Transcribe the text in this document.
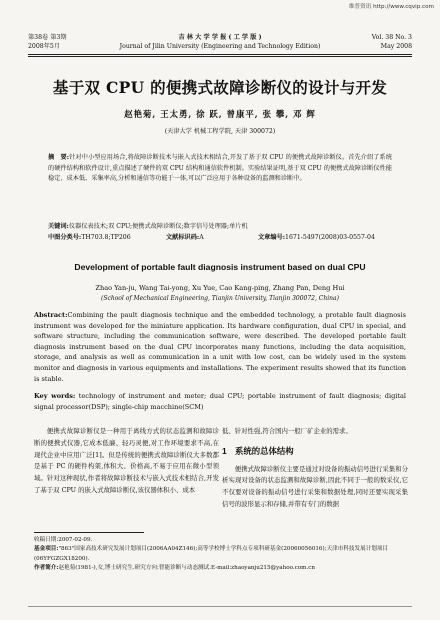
维普资讯 http://www.cqvip.com
第38卷 第3期	吉 林 大 学 学 报 ( 工 学 版 )	Vol. 38 No. 3
2008年5月	Journal of Jilin University (Engineering and Technology Edition)	May 2008
基于双 CPU 的便携式故障诊断仪的设计与开发
赵艳菊, 王太勇, 徐 跃, 曾康平, 张 攀, 邓 辉
(天津大学 机械工程学院, 天津 300072)
摘　要:针对中小型应用场合,将故障诊断技术与嵌入式技术相结合,开发了基于双 CPU 的便携式故障诊断仪。首先介绍了系统的硬件结构和软件设计,重点描述了硬件的双 CPU 结构和通信软件机制。实验结果证明,基于双 CPU 的便携式故障诊断仪性能稳定、成本低、采集率高,分析和通信等功能于一体,可以广泛应用于各种设备的监测和诊断中。
关键词:仪器仪表技术;双 CPU;便携式故障诊断仪;数字信号处理器;单片机
中图分类号:TH703.8;TP206	文献标识码:A	文章编号:1671-5497(2008)03-0557-04
Development of portable fault diagnosis instrument based on dual CPU
Zhao Yan-ju, Wang Tai-yong, Xu Yue, Cao Kang-ping, Zhang Pan, Deng Hui
(School of Mechanical Engineering, Tianjin University, Tianjin 300072, China)
Abstract:Combining the pault diagnosis technique and the embedded technology, a protable fault diagnosis instrument was developed for the miniature application. Its hardware configuration, dual CPU in special, and software structure, including the communication software, were described. The developed portable fault diagnosis instrument based on the dual CPU incorporates many functions, including the data acquisition, storage, and analysis as well as communication in a unit with low cost, can be widely used in the system monitor and diagnosis in various equipments and installations. The experiment results showed that its function is stable.
Key words: technology of instrument and meter; dual CPU; portable instrument of fault diagnosis; digital signal processor(DSP); single-chip macchine(SCM)

便携式故障诊断仪是一种用于离线方式的状态监测和故障诊断的便携式仪器,它成本低廉、轻巧灵便,对工作环境要求不高,在现代企业中应用广泛[1]。但是传统的便携式故障诊断仪大多数都是基于 PC 的硬件构架,体积大、价格高,不易于应用在微小型领域。针对这种现状,作者将故障诊断技术与嵌入式技术相结合,开发了基于双 CPU 的嵌入式故障诊断仪,该仪器体积小、成本

低、针对性强,符合国内一般厂矿企业的需求。

1　系统的总体结构

便携式故障诊断仪主要是通过对设备的振动信号进行采集和分析实现对设备的状态监测和故障诊断,因此不同于一般的数采仪,它不仅要对设备的振动信号进行采集和数据处理,同时还要实现采集信号的波形显示和存储,并带有专门的数据

收稿日期:2007-02-09.
基金项目:"863"国家高技术研究发展计划项目(2006AA04Z146);高等学校博士学科点专项科研基金(20060056016);天津市科技发展计划项目(06YFGZGX18200).
作者简介:赵艳菊(1981-),女,博士研究生.研究方向:智能诊断与动态测试.E-mail:zhaoyanju215@yahoo.com.cn
